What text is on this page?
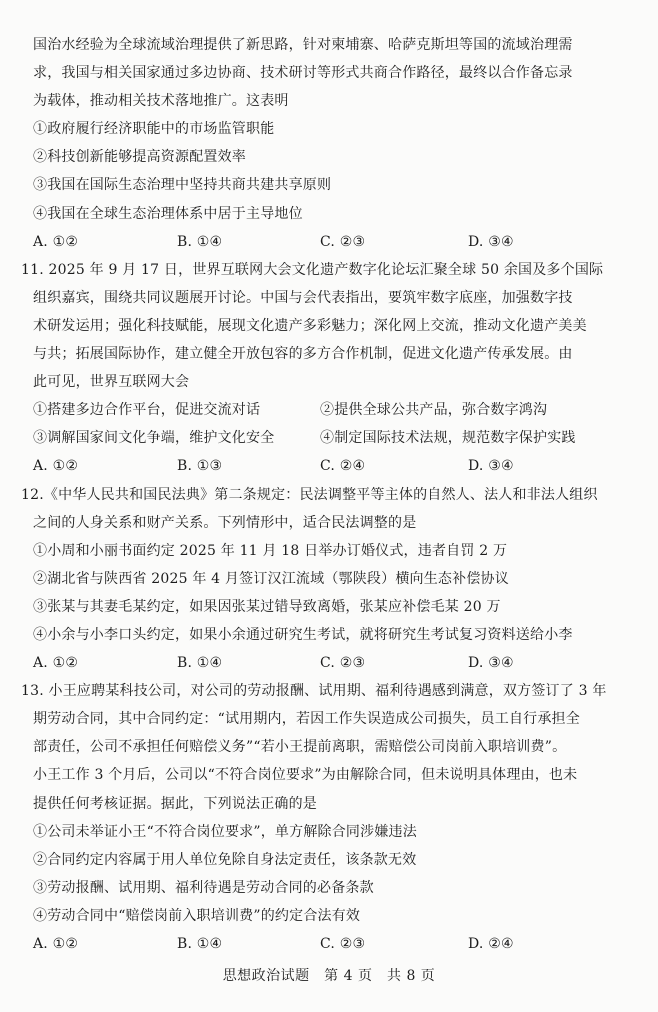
国治水经验为全球流域治理提供了新思路，针对柬埔寨、哈萨克斯坦等国的流域治理需
求，我国与相关国家通过多边协商、技术研讨等形式共商合作路径，最终以合作备忘录
为载体，推动相关技术落地推广。这表明
①政府履行经济职能中的市场监管职能
②科技创新能够提高资源配置效率
③我国在国际生态治理中坚持共商共建共享原则
④我国在全球生态治理体系中居于主导地位
A. ①②	B. ①④	C. ②③	D. ③④
11. 2025 年 9 月 17 日，世界互联网大会文化遗产数字化论坛汇聚全球 50 余国及多个国际
组织嘉宾，围绕共同议题展开讨论。中国与会代表指出，要筑牢数字底座，加强数字技
术研发运用；强化科技赋能，展现文化遗产多彩魅力；深化网上交流，推动文化遗产美美
与共；拓展国际协作，建立健全开放包容的多方合作机制，促进文化遗产传承发展。由
此可见，世界互联网大会
①搭建多边合作平台，促进交流对话	②提供全球公共产品，弥合数字鸿沟
③调解国家间文化争端，维护文化安全	④制定国际技术法规，规范数字保护实践
A. ①②	B. ①③	C. ②④	D. ③④
12.《中华人民共和国民法典》第二条规定：民法调整平等主体的自然人、法人和非法人组织
之间的人身关系和财产关系。下列情形中，适合民法调整的是
①小周和小丽书面约定 2025 年 11 月 18 日举办订婚仪式，违者自罚 2 万
②湖北省与陕西省 2025 年 4 月签订汉江流域（鄂陕段）横向生态补偿协议
③张某与其妻毛某约定，如果因张某过错导致离婚，张某应补偿毛某 20 万
④小余与小李口头约定，如果小余通过研究生考试，就将研究生考试复习资料送给小李
A. ①②	B. ①④	C. ②③	D. ③④
13. 小王应聘某科技公司，对公司的劳动报酬、试用期、福利待遇感到满意，双方签订了 3 年
期劳动合同，其中合同约定：“试用期内，若因工作失误造成公司损失，员工自行承担全
部责任，公司不承担任何赔偿义务”“若小王提前离职，需赔偿公司岗前入职培训费”。
小王工作 3 个月后，公司以“不符合岗位要求”为由解除合同，但未说明具体理由，也未
提供任何考核证据。据此，下列说法正确的是
①公司未举证小王“不符合岗位要求”，单方解除合同涉嫌违法
②合同约定内容属于用人单位免除自身法定责任，该条款无效
③劳动报酬、试用期、福利待遇是劳动合同的必备条款
④劳动合同中“赔偿岗前入职培训费”的约定合法有效
A. ①②	B. ①④	C. ②③	D. ②④
思想政治试题　第 4 页　共 8 页
